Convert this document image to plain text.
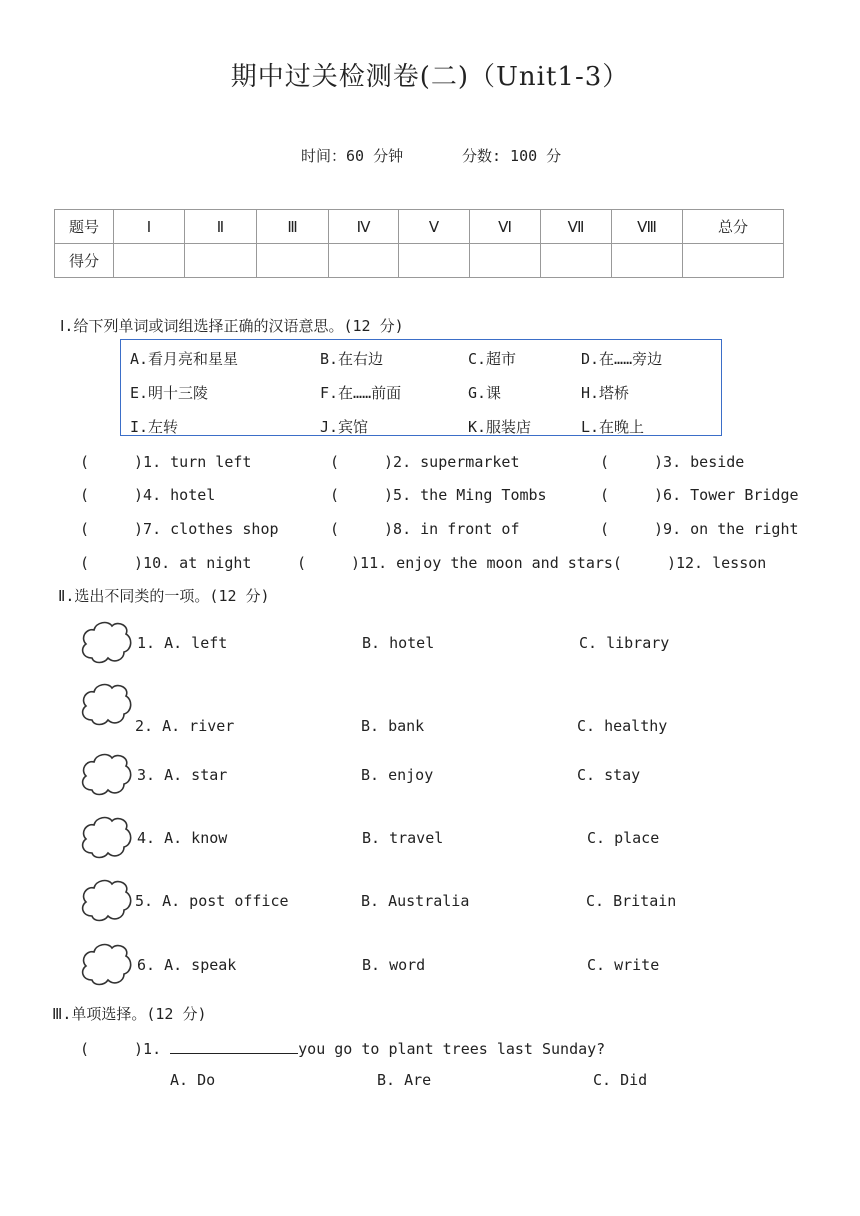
期中过关检测卷(二)（Unit1-3）
时间：60 分钟	分数: 100 分
题号	Ⅰ	Ⅱ	Ⅲ	Ⅳ	Ⅴ	Ⅵ	Ⅶ	Ⅷ	总分
得分									
Ⅰ.给下列单词或词组选择正确的汉语意思。(12 分)
A.看月亮和星星	B.在右边	C.超市	D.在……旁边
E.明十三陵	F.在……前面	G.课	H.塔桥
I.左转	J.宾馆	K.服装店	L.在晚上
(　　　)1. turn left	(　　　)2. supermarket	(　　　)3. beside
(　　　)4. hotel	(　　　)5. the Ming Tombs	(　　　)6. Tower Bridge
(　　　)7. clothes shop	(　　　)8. in front of	(　　　)9. on the right
(　　　)10. at night	(　　　)11. enjoy the moon and stars(　　　)12. lesson
Ⅱ.选出不同类的一项。(12 分)
1. A. left	B. hotel	C. library
2. A. river	B. bank	C. healthy
3. A. star	B. enjoy	C. stay
4. A. know	B. travel	C. place
5. A. post office	B. Australia	C. Britain
6. A. speak	B. word	C. write
Ⅲ.单项选择。(12 分)
(　　　)1.	you go to plant trees last Sunday?
A. Do	B. Are	C. Did
